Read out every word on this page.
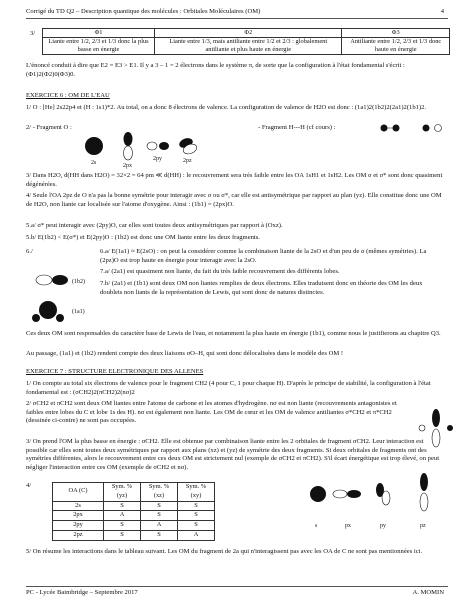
Corrigé du TD Q2 – Description quantique des molécules : Orbitales Moléculaires (OM)	4
3/	Φ1	Φ2	Φ3
Liante entre 1/2, 2/3 et 1/3 donc la plus basse en énergie	Liante entre 1/3, mais antiliante entre 1/2 et 2/3 : globalement antiliante et plus haute en énergie	Antiliante entre 1/2, 2/3 et 1/3 donc haute en énergie

L'énoncé conduit à dire que E2 = E3 > E1. Il y a 3 – 1 = 2 électrons dans le système π, de sorte que la configuration à l'état fondamental s'écrit : (Φ1)2(Φ2)0(Φ3)0.

EXERCICE 6 : OM DE L'EAU

1/ O : [He] 2s22p4 et (H : 1s1)*2. Au total, on a donc 8 électrons de valence. La configuration de valence de H2O est donc : (1a1)2(1b2)2(2a1)2(1b1)2.

2/ - Fragment O :	- Fragment H---H (cf cours) :

2s	2px
2py	2pz
(1b2)
(1a1)
s	px	py	pz

3/ Dans H2O, d(HH dans H2O) = 32×2 = 64 pm ≪ d(HH) : le recouvrement sera très faible entre les OA 1sH1 et 1sH2. Les OM σ et σ* sont donc quasiment dégénérées.

4/ Seule l'OA 2pz de O n'a pas la bonne symétrie pour interagir avec σ ou σ*, car elle est antisymétrique par rapport au plan (yz). Elle constitue donc une OM de H2O, non liante car localisée sur l'atome d'oxygène. Ainsi : (1b1) = (2px)O.

5.a/ σ* peut interagir avec (2py)O, car elles sont toutes deux antisymétriques par rapport à (Oxz).

5.b/ E(1b2) < E(σ*) et E(2py)O : (1b2) est donc une OM liante entre les deux fragments.

6./	6.a/ E(1a1) ≈ E(2sO) : on peut la considérer comme la combinaison liante de la 2sO et d'un peu de σ (mêmes symétries). La (2pz)O est trop haute en énergie pour interagir avec la 2sO.

7.a/ (2a1) est quasiment non liante, du fait du très faible recouvrement des différents lobes.

7.b/ (2a1) et (1b1) sont deux OM non liantes remplies de deux électrons. Elles traduisent donc en théorie des OM les deux doublets non liants de la représentation de Lewis, qui sont donc de natures distinctes.

Ces deux OM sont responsables du caractère base de Lewis de l'eau, et notamment la plus haute en énergie (1b1), comme nous le justifierons au chapitre Q3.

Au passage, (1a1) et (1b2) rendent compte des deux liaisons σO–H, qui sont donc délocalisées dans le modèle des OM !

EXERCICE 7 : STRUCTURE ELECTRONIQUE DES ALLENES

1/ On compte au total six électrons de valence pour le fragment CH2 (4 pour C, 1 pour chaque H). D'après le principe de stabilité, la configuration à l'état fondamental est : (σCH2)2(πCH2)2(nσ)2

2/ σCH2 et πCH2 sont deux OM liantes entre l'atome de carbone et les atomes d'hydrogène. nσ est non liante (recouvrements antagonistes et faibles entre lobes du C et lobe 1s des H). nσ est également non liante. Les OM de cœur et les OM de valence antiliantes σ*CH2 et π*CH2 (dessinée ci-contre) ne sont pas occupées.

3/ On prend l'OM la plus basse en énergie : σCH2. Elle est obtenue par combinaison liante entre les 2 orbitales de fragment σCH2. Leur interaction est possible car elles sont toutes deux symétriques par rapport aux plans (xz) et (yz) de symétrie des deux fragments. Si deux orbitales de fragments ont des symétries différentes, alors le recouvrement entre ces deux OM est strictement nul (exemple de σCH2 et πCH2). S'il écart énergétique est trop élevé, on peut négliger l'interaction entre ces OM (exemple de σCH2 et nσ).

4/

OA (C)	Sym. % (yz)	Sym. % (xz)	Sym. % (xy)
2s	S	S	S
2px	A	S	S
2py	S	A	S
2pz	S	S	A

5/ On résume les interactions dans le tableau suivant. Les OM du fragment de 2a qui n'interagissent pas avec les OA de C ne sont pas mentionnées ici.

PC - Lycée Baimbridge – Septembre 2017	A. MOMIN
